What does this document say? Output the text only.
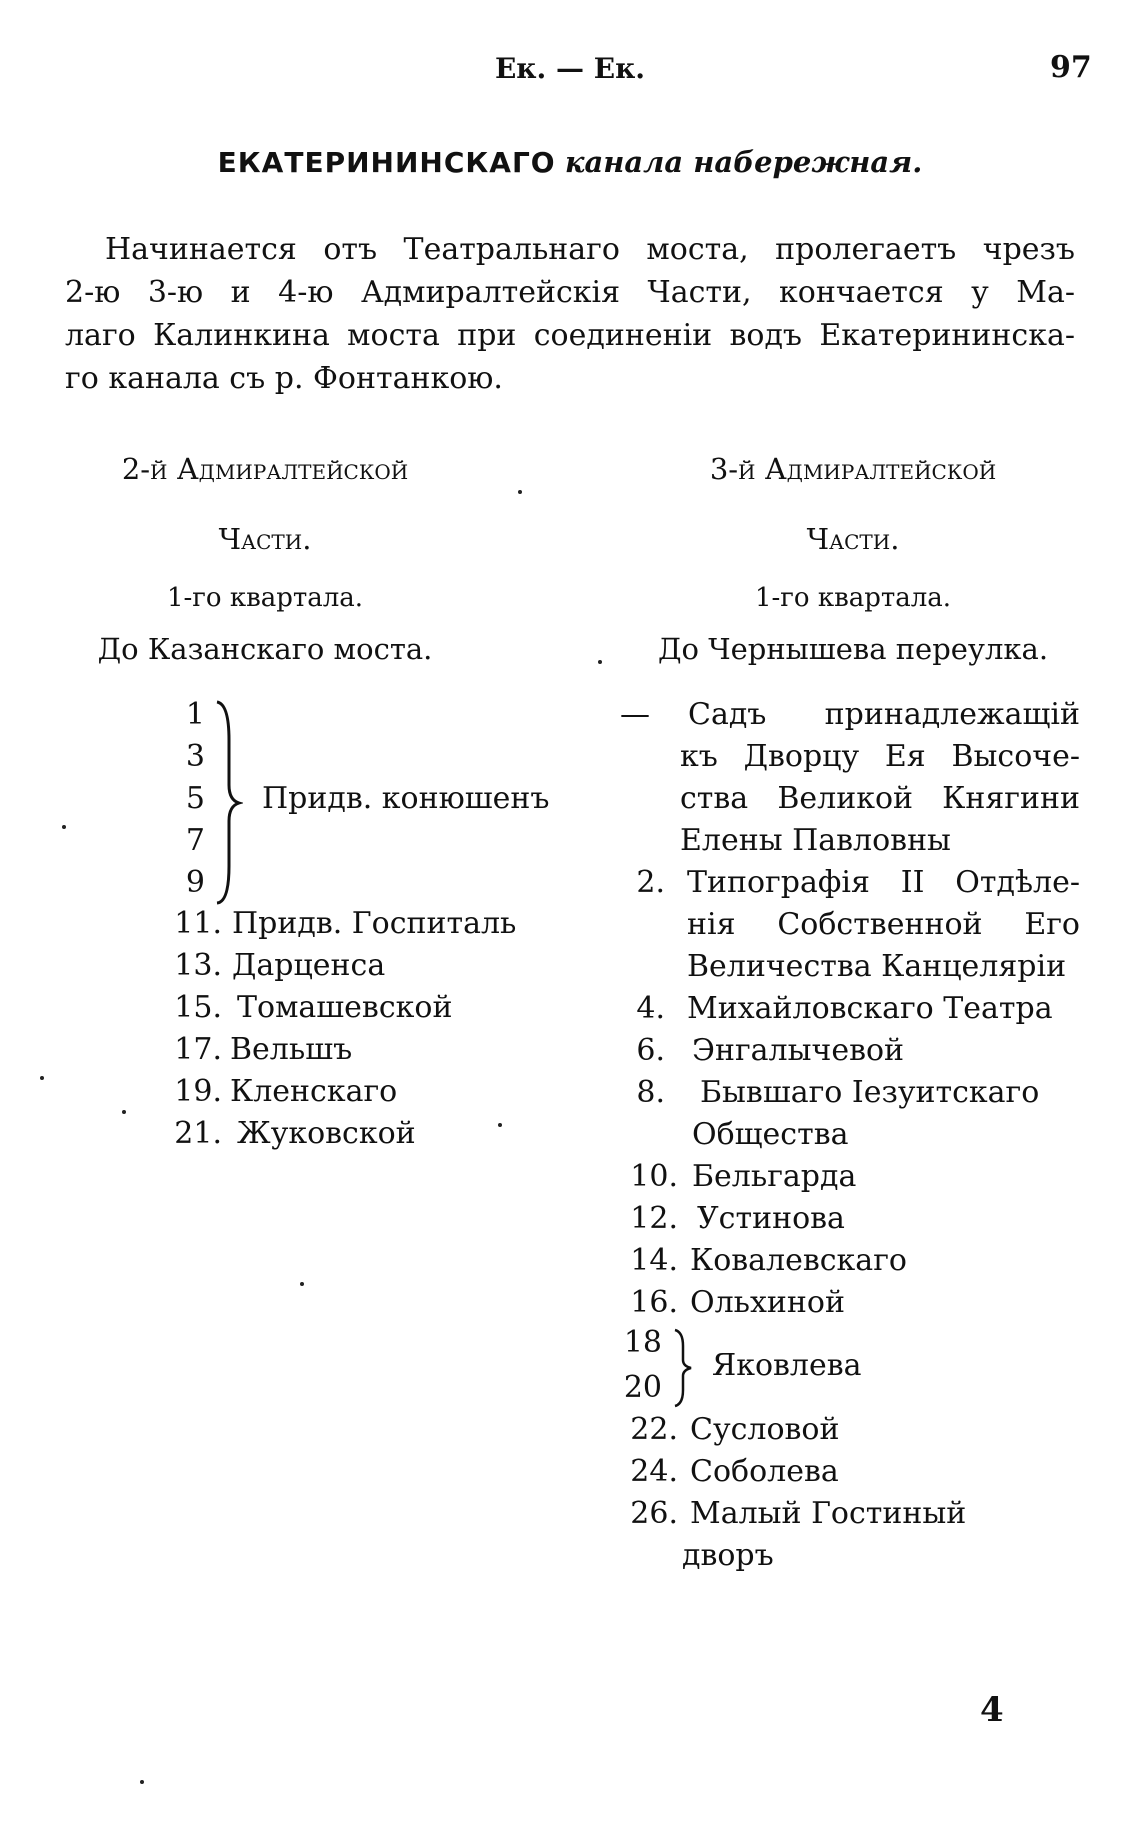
Ек. — Ек.	97
ЕКАТЕРИНИНСКАГО канала набережная.
Начинается отъ Театральнаго моста, пролегаетъ чрезъ
2-ю 3-ю и 4-ю Адмиралтейскія Части, кончается у Ма-
лаго Калинкина моста при соединеніи водъ Екатерининска-
го канала съ р. Фонтанкою.
2-й Адмиралтейской
Части.
1-го квартала.
До Казанскаго моста.
1
3
5
7
9
Придв. конюшенъ
11. Придв. Госпиталь
13. Дарценса
15. Томашевской
17. Вельшъ
19. Кленскаго
21. Жуковской
3-й Адмиралтейской
Части.
1-го квартала.
До Чернышева переулка.
— Садъ принадлежащій
къ Дворцу Ея Высоче-
ства Великой Княгини
Елены Павловны
2. Типографія II Отдѣле-
нія Собственной Его
Величества Канцеляріи
4. Михайловскаго Театра
6. Энгалычевой
8. Бывшаго Іезуитскаго
Общества
10. Бельгарда
12. Устинова
14. Ковалевскаго
16. Ольхиной
18
20
Яковлева
22. Сусловой
24. Соболева
26. Малый Гостиный
дворъ
4
